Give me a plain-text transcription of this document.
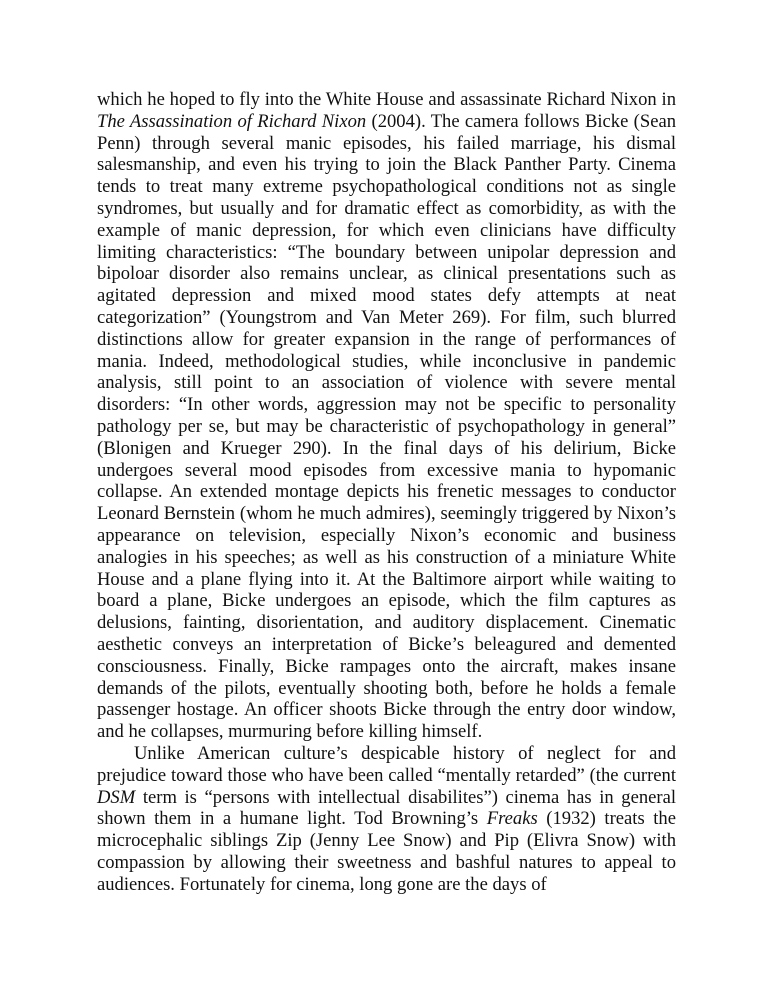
which he hoped to fly into the White House and assassinate Richard Nixon in The Assassination of Richard Nixon (2004). The camera follows Bicke (Sean Penn) through several manic episodes, his failed marriage, his dismal salesmanship, and even his trying to join the Black Panther Party. Cinema tends to treat many extreme psychopathological conditions not as single syndromes, but usually and for dramatic effect as comorbidity, as with the example of manic depression, for which even clinicians have difficulty limiting characteristics: “The boundary between unipolar depression and bipoloar disorder also remains unclear, as clinical presentations such as agitated depression and mixed mood states defy attempts at neat categorization” (Youngstrom and Van Meter 269). For film, such blurred distinctions allow for greater expansion in the range of performances of mania. Indeed, methodological studies, while inconclusive in pandemic analysis, still point to an association of violence with severe mental disorders: “In other words, aggression may not be specific to personality pathology per se, but may be characteristic of psychopathology in general” (Blonigen and Krueger 290). In the final days of his delirium, Bicke undergoes several mood episodes from excessive mania to hypomanic collapse. An extended montage depicts his frenetic messages to conductor Leonard Bernstein (whom he much admires), seemingly triggered by Nixon’s appearance on television, especially Nixon’s economic and business analogies in his speeches; as well as his construction of a miniature White House and a plane flying into it. At the Baltimore airport while waiting to board a plane, Bicke undergoes an episode, which the film captures as delusions, fainting, disorientation, and auditory displacement. Cinematic aesthetic conveys an interpretation of Bicke’s beleagured and demented consciousness. Finally, Bicke rampages onto the aircraft, makes insane demands of the pilots, eventually shooting both, before he holds a female passenger hostage. An officer shoots Bicke through the entry door window, and he collapses, murmuring before killing himself.

Unlike American culture’s despicable history of neglect for and prejudice toward those who have been called “mentally retarded” (the current DSM term is “persons with intellectual disabilites”) cinema has in general shown them in a humane light. Tod Browning’s Freaks (1932) treats the microcephalic siblings Zip (Jenny Lee Snow) and Pip (Elivra Snow) with compassion by allowing their sweetness and bashful natures to appeal to audiences. Fortunately for cinema, long gone are the days of
